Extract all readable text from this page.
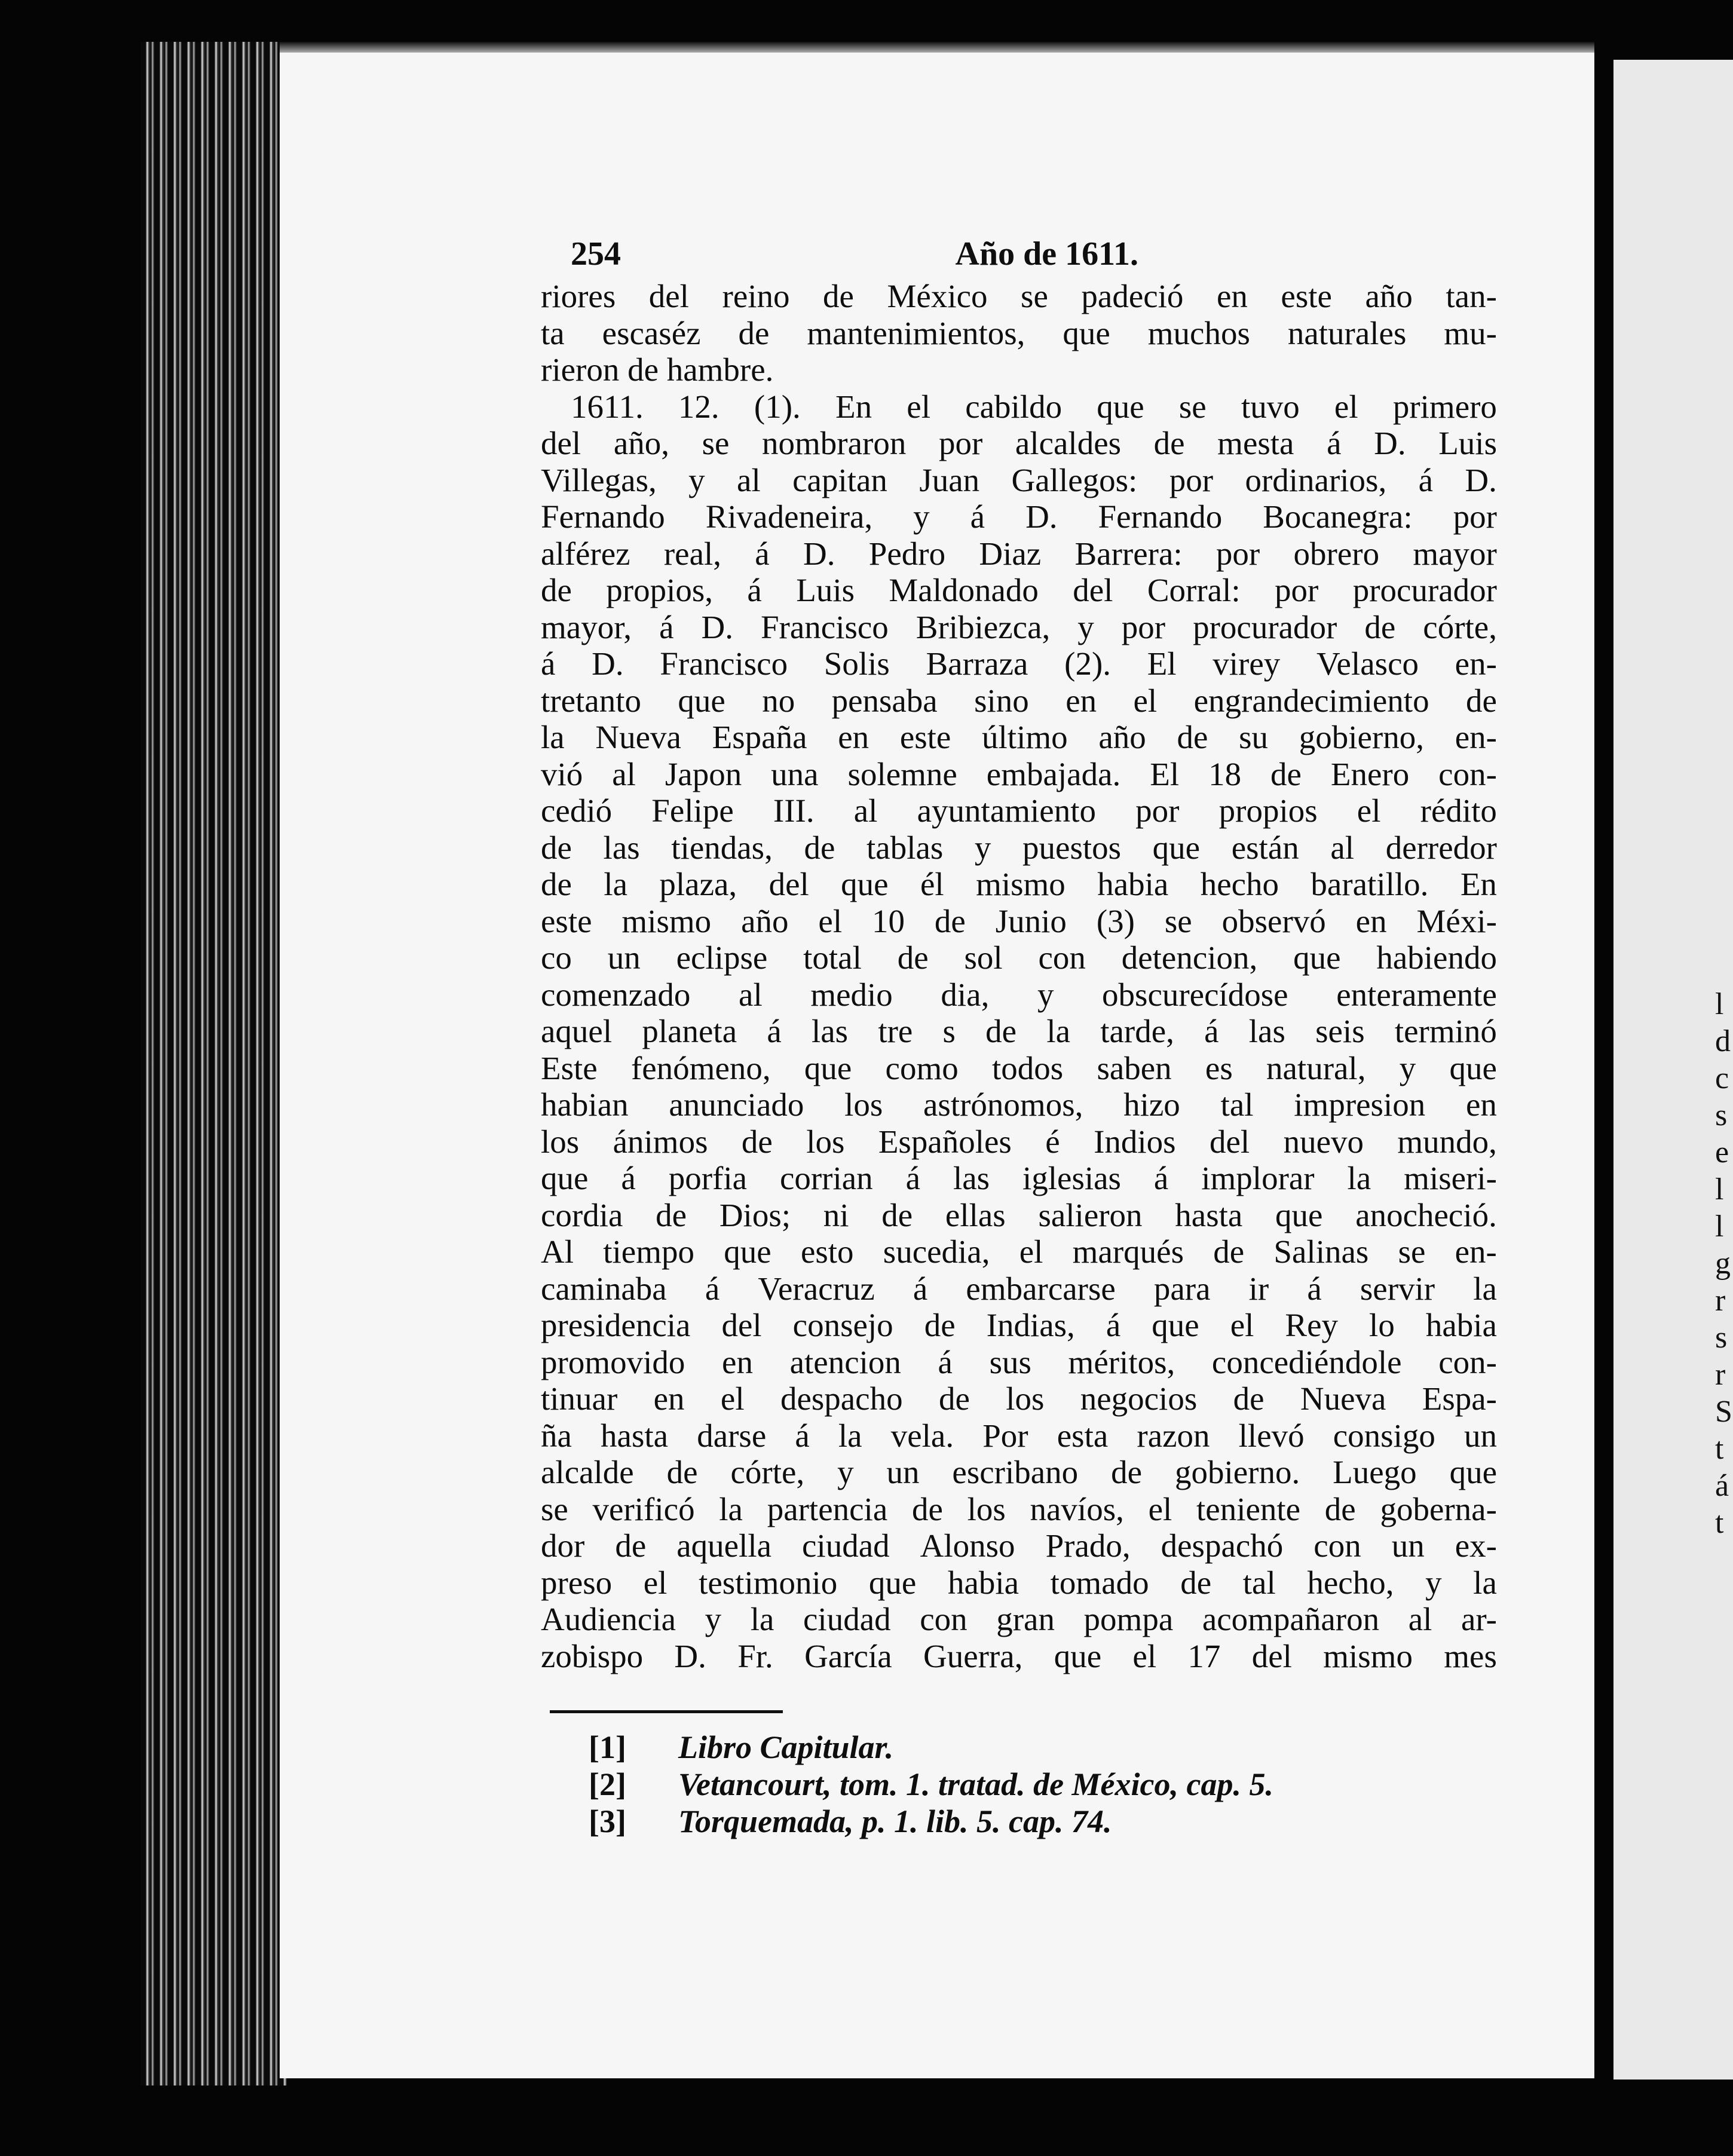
l
d
c
s
e
l
l
g
r
s
r
S
t
á
t
254	Año de 1611.
riores del reino de México se padeció en este año tan-
ta escaséz de mantenimientos, que muchos naturales mu-
rieron de hambre.
1611. 12. (1). En el cabildo que se tuvo el primero
del año, se nombraron por alcaldes de mesta á D. Luis
Villegas, y al capitan Juan Gallegos: por ordinarios, á D.
Fernando Rivadeneira, y á D. Fernando Bocanegra: por
alférez real, á D. Pedro Diaz Barrera: por obrero mayor
de propios, á Luis Maldonado del Corral: por procurador
mayor, á D. Francisco Bribiezca, y por procurador de córte,
á D. Francisco Solis Barraza (2). El virey Velasco en-
tretanto que no pensaba sino en el engrandecimiento de
la Nueva España en este último año de su gobierno, en-
vió al Japon una solemne embajada. El 18 de Enero con-
cedió Felipe III. al ayuntamiento por propios el rédito
de las tiendas, de tablas y puestos que están al derredor
de la plaza, del que él mismo habia hecho baratillo. En
este mismo año el 10 de Junio (3) se observó en Méxi-
co un eclipse total de sol con detencion, que habiendo
comenzado al medio dia, y obscurecídose enteramente
aquel planeta á las tre s de la tarde, á las seis terminó
Este fenómeno, que como todos saben es natural, y que
habian anunciado los astrónomos, hizo tal impresion en
los ánimos de los Españoles é Indios del nuevo mundo,
que á porfia corrian á las iglesias á implorar la miseri-
cordia de Dios; ni de ellas salieron hasta que anocheció.
Al tiempo que esto sucedia, el marqués de Salinas se en-
caminaba á Veracruz á embarcarse para ir á servir la
presidencia del consejo de Indias, á que el Rey lo habia
promovido en atencion á sus méritos, concediéndole con-
tinuar en el despacho de los negocios de Nueva Espa-
ña hasta darse á la vela. Por esta razon llevó consigo un
alcalde de córte, y un escribano de gobierno. Luego que
se verificó la partencia de los navíos, el teniente de goberna-
dor de aquella ciudad Alonso Prado, despachó con un ex-
preso el testimonio que habia tomado de tal hecho, y la
Audiencia y la ciudad con gran pompa acompañaron al ar-
zobispo D. Fr. García Guerra, que el 17 del mismo mes
[1]	Libro Capitular.
[2]	Vetancourt, tom. 1. tratad. de México, cap. 5.
[3]	Torquemada, p. 1. lib. 5. cap. 74.
